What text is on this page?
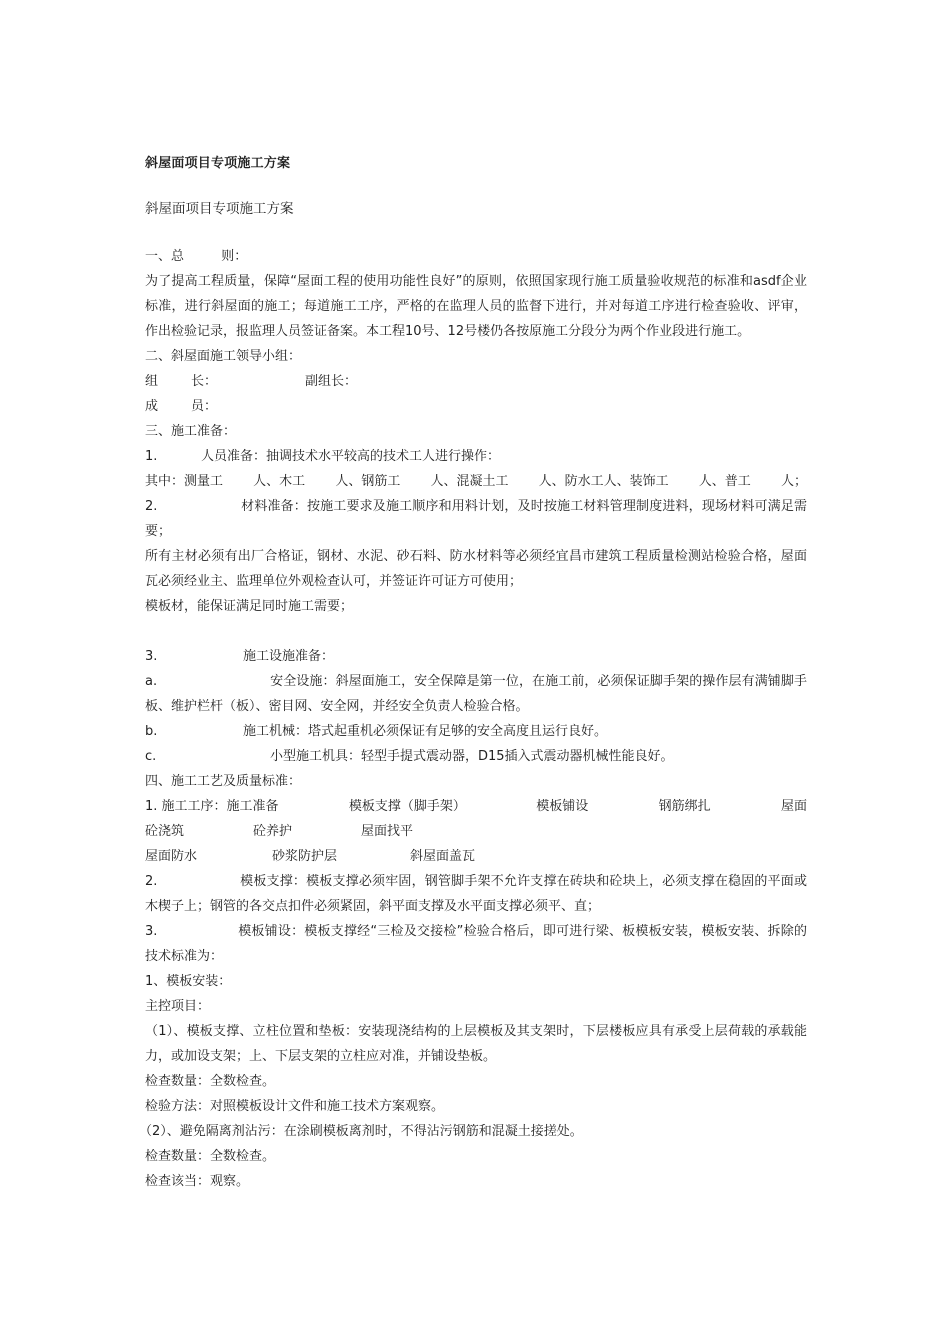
斜屋面项目专项施工方案
斜屋面项目专项施工方案
一、总         则：
为了提高工程质量，保障“屋面工程的使用功能性良好”的原则，依照国家现行施工质量验收规范的标准和asdf企业标准，进行斜屋面的施工；每道施工工序，严格的在监理人员的监督下进行，并对每道工序进行检查验收、评审，作出检验记录，报监理人员签证备案。本工程10号、12号楼仍各按原施工分段分为两个作业段进行施工。
二、斜屋面施工领导小组：
组        长：	副组长：
成        员：
三、施工准备：
1.	人员准备：抽调技术水平较高的技术工人进行操作：
其中：测量工 人、木工 人、钢筋工 人、混凝土工 人、防水工人、装饰工 人、普工 人；
2.	材料准备：按施工要求及施工顺序和用料计划，及时按施工材料管理制度进料，现场材料可满足需要；
所有主材必须有出厂合格证，钢材、水泥、砂石料、防水材料等必须经宜昌市建筑工程质量检测站检验合格，屋面瓦必须经业主、监理单位外观检查认可，并签证许可证方可使用；
模板材，能保证满足同时施工需要；
3.	施工设施准备：
a.	安全设施：斜屋面施工，安全保障是第一位，在施工前，必须保证脚手架的操作层有满铺脚手板、维护栏杆（板）、密目网、安全网，并经安全负责人检验合格。
b.	施工机械：塔式起重机必须保证有足够的安全高度且运行良好。
c.	小型施工机具：轻型手提式震动器，D15插入式震动器机械性能良好。
四、施工工艺及质量标准：
1. 施工工序：施工准备	模板支撑（脚手架）	模板铺设	钢筋绑扎	屋面
砼浇筑	砼养护	屋面找平
屋面防水	砂浆防护层	斜屋面盖瓦
2.	模板支撑：模板支撑必须牢固，钢管脚手架不允许支撑在砖块和砼块上，必须支撑在稳固的平面或木楔子上；钢管的各交点扣件必须紧固，斜平面支撑及水平面支撑必须平、直；
3.	模板铺设：模板支撑经“三检及交接检”检验合格后，即可进行梁、板模板安装，模板安装、拆除的技术标准为：
1、模板安装：
主控项目：
（1）、模板支撑、立柱位置和垫板：安装现浇结构的上层模板及其支架时，下层楼板应具有承受上层荷载的承载能力，或加设支架；上、下层支架的立柱应对准，并铺设垫板。
检查数量：全数检查。
检验方法：对照模板设计文件和施工技术方案观察。
（2）、避免隔离剂沾污：在涂刷模板离剂时，不得沾污钢筋和混凝土接搓处。
检查数量：全数检查。
检查该当：观察。
